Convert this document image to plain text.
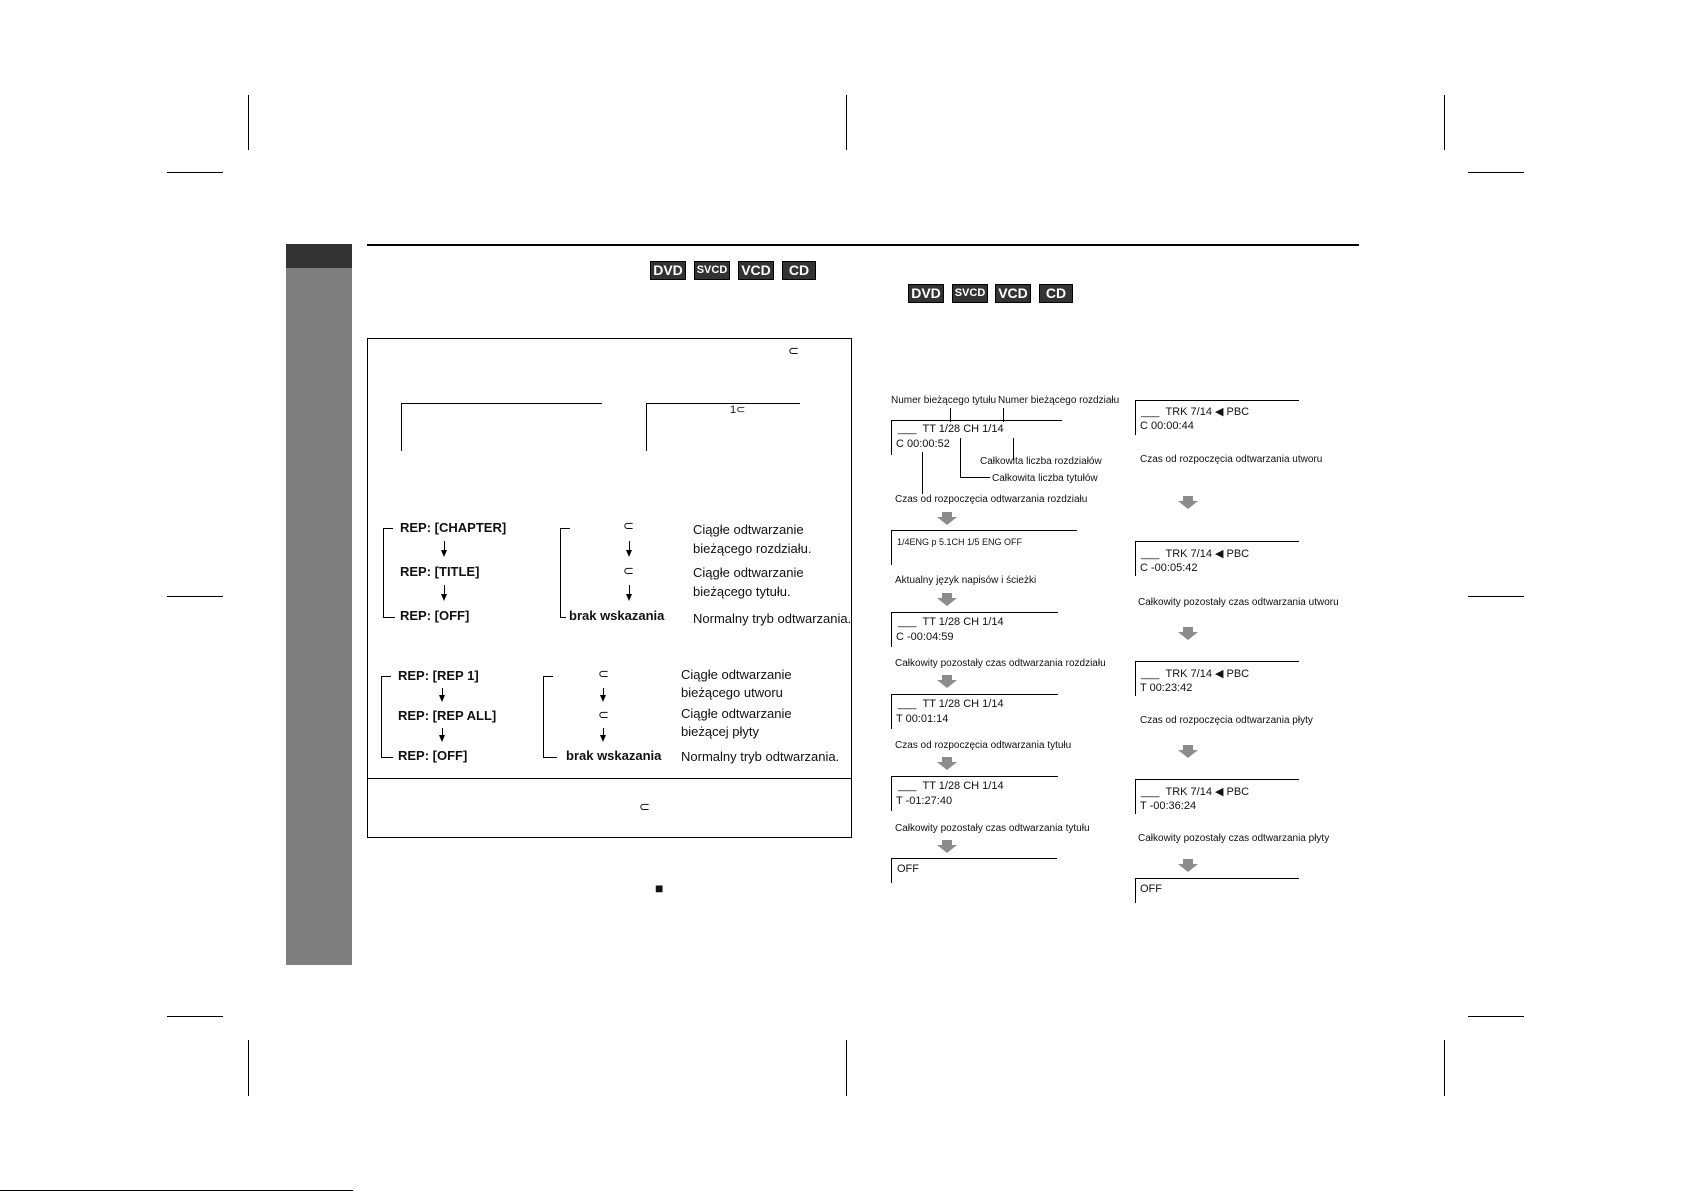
DVD SVCD VCD	CD
DVD SVCD VCD	CD
⊂
1⊂
REP: [CHAPTER]
REP: [TITLE]
REP: [OFF]
⊂
⊂
brak wskazania
Ciągłe odtwarzanie
bieżącego rozdziału.
Ciągłe odtwarzanie
bieżącego tytułu.
Normalny tryb odtwarzania.
REP: [REP 1]
REP: [REP ALL]
REP: [OFF]
⊂
⊂
brak wskazania
Ciągłe odtwarzanie
bieżącego utworu
Ciągłe odtwarzanie
bieżącej płyty
Normalny tryb odtwarzania.
⊂
■
Numer bieżącego tytułu Numer bieżącego rozdziału
___  TT 1/28 CH 1/14
C 00:00:52
Całkowita liczba rozdziałów
Całkowita liczba tytułów
Czas od rozpoczęcia odtwarzania rozdziału
1/4ENG p 5.1CH 1/5 ENG OFF
Aktualny język napisów i ścieżki
___  TT 1/28 CH 1/14
C -00:04:59
Całkowity pozostały czas odtwarzania rozdziału
___  TT 1/28 CH 1/14
T 00:01:14
Czas od rozpoczęcia odtwarzania tytułu
___  TT 1/28 CH 1/14
T -01:27:40
Całkowity pozostały czas odtwarzania tytułu
OFF
___  TRK 7/14 ◀ PBC
C 00:00:44
Czas od rozpoczęcia odtwarzania utworu
___  TRK 7/14 ◀ PBC
C -00:05:42
Całkowity pozostały czas odtwarzania utworu
___  TRK 7/14 ◀ PBC
T 00:23:42
Czas od rozpoczęcia odtwarzania płyty
___  TRK 7/14 ◀ PBC
T -00:36:24
Całkowity pozostały czas odtwarzania płyty
OFF
